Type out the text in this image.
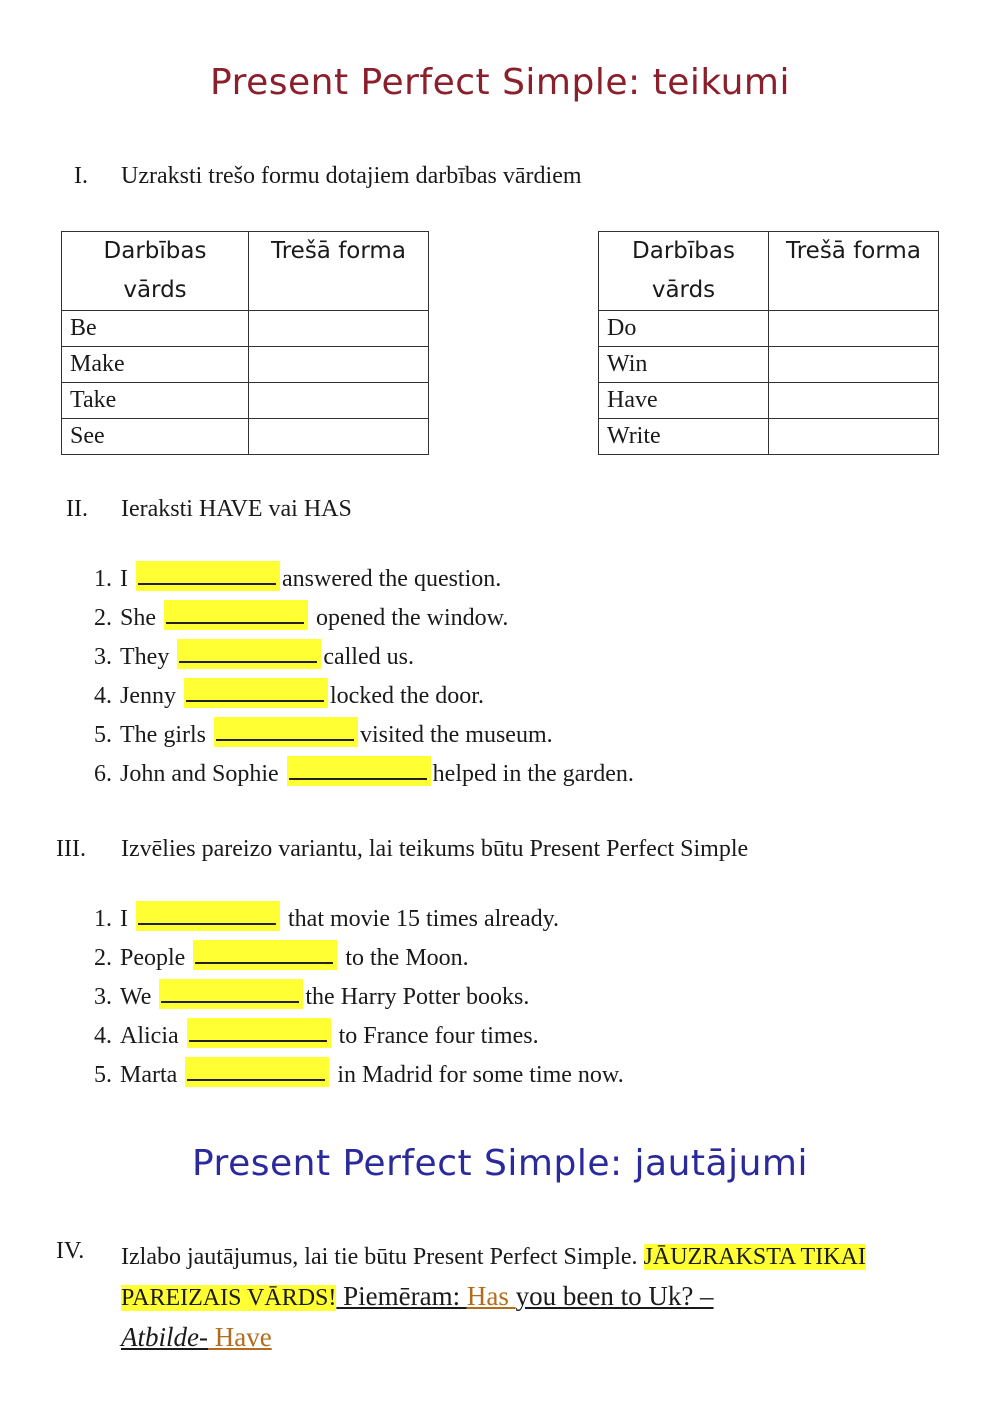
Present Perfect Simple: teikumi
I. Uzraksti trešo formu dotajiem darbības vārdiem
Darbības
vārds	Trešā forma
Be	
Make	
Take	
See	
Darbības
vārds	Trešā forma
Do	
Win	
Have	
Write	
II. Ieraksti HAVE vai HAS
1. I	answered the question.
2. She	opened the window.
3. They	called us.
4. Jenny	locked the door.
5. The girls	visited the museum.
6. John and Sophie	helped in the garden.
III. Izvēlies pareizo variantu, lai teikums būtu Present Perfect Simple
1. I	that movie 15 times already.
2. People	to the Moon.
3. We	the Harry Potter books.
4. Alicia	to France four times.
5. Marta	in Madrid for some time now.
Present Perfect Simple: jautājumi
IV. Izlabo jautājumus, lai tie būtu Present Perfect Simple. JĀUZRAKSTA TIKAI PAREIZAIS VĀRDS! Piemēram: Has you been to Uk? –
Atbilde- Have
